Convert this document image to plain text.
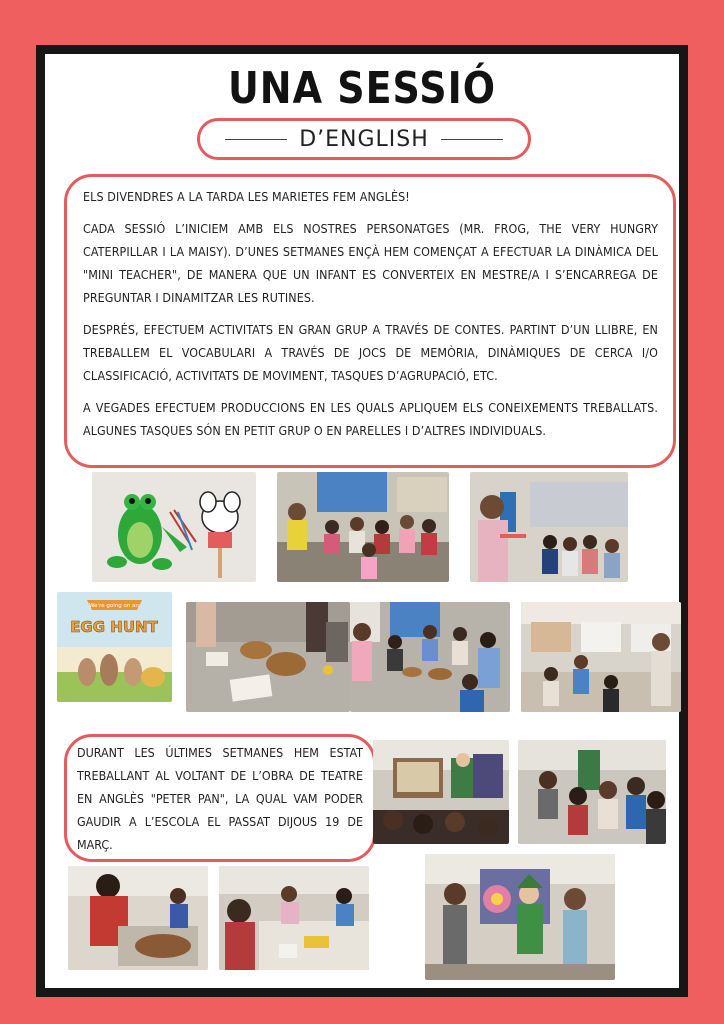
UNA SESSIÓ
D’ENGLISH

ELS DIVENDRES A LA TARDA LES MARIETES FEM ANGLÈS!

CADA SESSIÓ L’INICIEM AMB ELS NOSTRES PERSONATGES (MR. FROG, THE VERY HUNGRY CATERPILLAR I LA MAISY). D’UNES SETMANES ENÇÀ HEM COMENÇAT A EFECTUAR LA DINÀMICA DEL "MINI TEACHER", DE MANERA QUE UN INFANT ES CONVERTEIX EN MESTRE/A I S’ENCARREGA DE PREGUNTAR I DINAMITZAR LES RUTINES.

DESPRÉS, EFECTUEM ACTIVITATS EN GRAN GRUP A TRAVÉS DE CONTES. PARTINT D’UN LLIBRE, EN TREBALLEM EL VOCABULARI A TRAVÉS DE JOCS DE MEMÒRIA, DINÀMIQUES DE CERCA I/O CLASSIFICACIÓ, ACTIVITATS DE MOVIMENT, TASQUES D’AGRUPACIÓ, ETC.

A VEGADES EFECTUEM PRODUCCIONS EN LES QUALS APLIQUEM ELS CONEIXEMENTS TREBALLATS. ALGUNES TASQUES SÓN EN PETIT GRUP O EN PARELLES I D’ALTRES INDIVIDUALS.

We're going on an
EGG HUNT

DURANT LES ÚLTIMES SETMANES HEM ESTAT TREBALLANT AL VOLTANT DE L’OBRA DE TEATRE EN ANGLÈS "PETER PAN", LA QUAL VAM PODER GAUDIR A L’ESCOLA EL PASSAT DIJOUS 19 DE MARÇ.
